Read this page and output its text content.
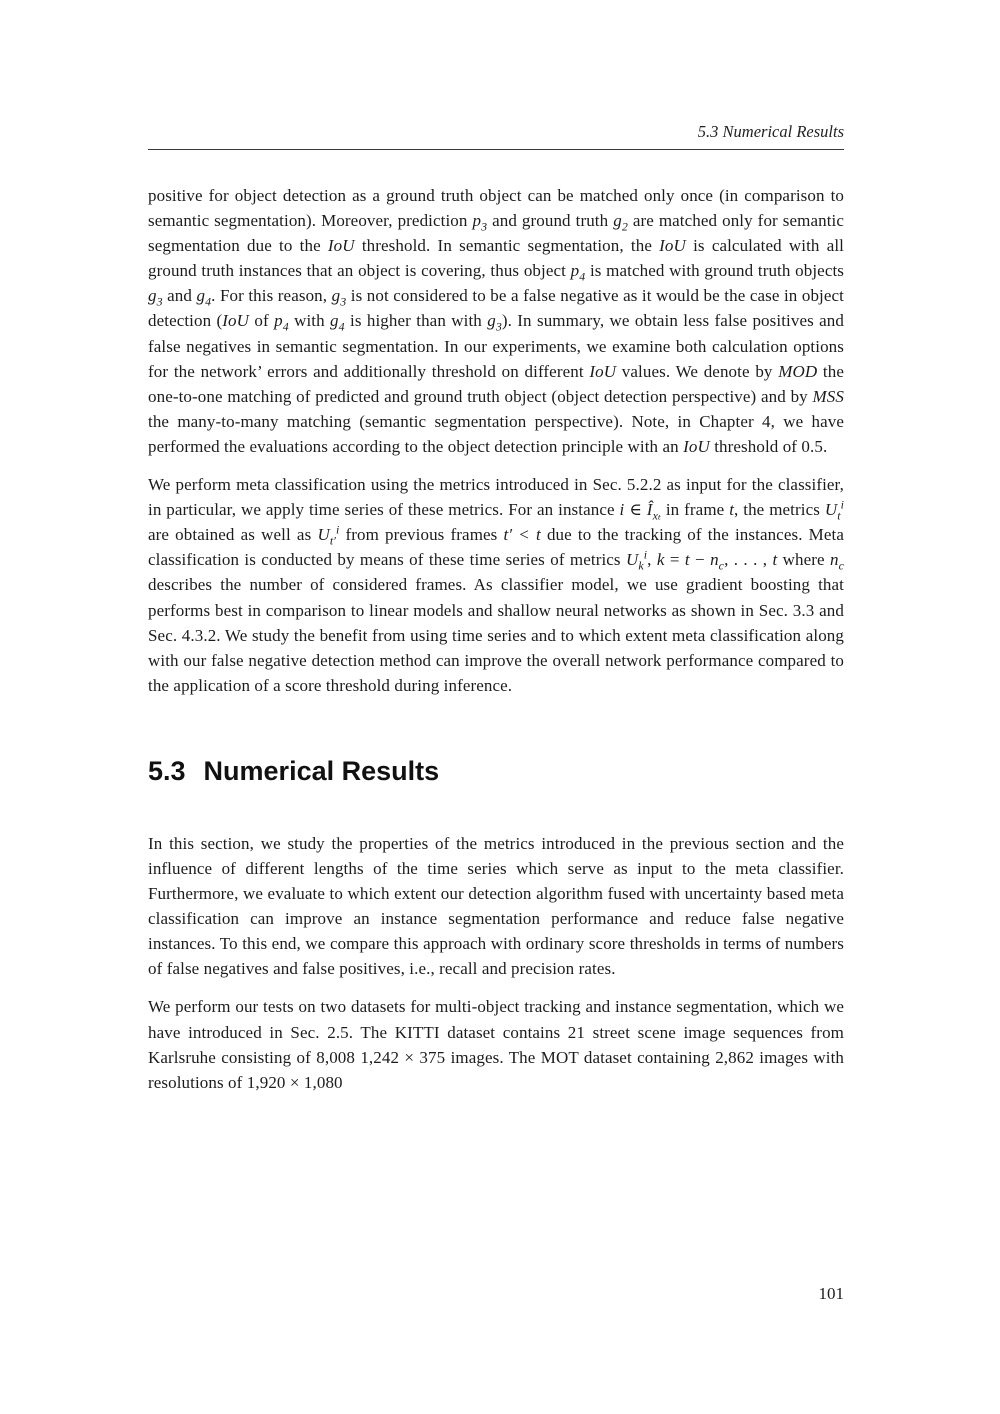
5.3 Numerical Results

positive for object detection as a ground truth object can be matched only once (in comparison to semantic segmentation). Moreover, prediction $p_3$ and ground truth $g_2$ are matched only for semantic segmentation due to the IoU threshold. In semantic segmentation, the IoU is calculated with all ground truth instances that an object is covering, thus object $p_4$ is matched with ground truth objects $g_3$ and $g_4$. For this reason, $g_3$ is not considered to be a false negative as it would be the case in object detection (IoU of $p_4$ with $g_4$ is higher than with $g_3$). In summary, we obtain less false positives and false negatives in semantic segmentation. In our experiments, we examine both calculation options for the network’ errors and additionally threshold on different IoU values. We denote by MOD the one-to-one matching of predicted and ground truth object (object detection perspective) and by MSS the many-to-many matching (semantic segmentation perspective). Note, in Chapter 4, we have performed the evaluations according to the object detection principle with an IoU threshold of 0.5.

We perform meta classification using the metrics introduced in Sec. 5.2.2 as input for the classifier, in particular, we apply time series of these metrics. For an instance i ∈ $Î_{x_t}$ in frame t, the metrics $U_t^i$ are obtained as well as $U_{t'}^i$ from previous frames t′ < t due to the tracking of the instances. Meta classification is conducted by means of these time series of metrics $U_k^i$, $k = t - n_c$, . . . , t where $n_c$ describes the number of considered frames. As classifier model, we use gradient boosting that performs best in comparison to linear models and shallow neural networks as shown in Sec. 3.3 and Sec. 4.3.2. We study the benefit from using time series and to which extent meta classification along with our false negative detection method can improve the overall network performance compared to the application of a score threshold during inference.

5.3 Numerical Results

In this section, we study the properties of the metrics introduced in the previous section and the influence of different lengths of the time series which serve as input to the meta classifier. Furthermore, we evaluate to which extent our detection algorithm fused with uncertainty based meta classification can improve an instance segmentation performance and reduce false negative instances. To this end, we compare this approach with ordinary score thresholds in terms of numbers of false negatives and false positives, i.e., recall and precision rates.

We perform our tests on two datasets for multi-object tracking and instance segmentation, which we have introduced in Sec. 2.5. The KITTI dataset contains 21 street scene image sequences from Karlsruhe consisting of 8,008 1,242 × 375 images. The MOT dataset containing 2,862 images with resolutions of 1,920 × 1,080

101
